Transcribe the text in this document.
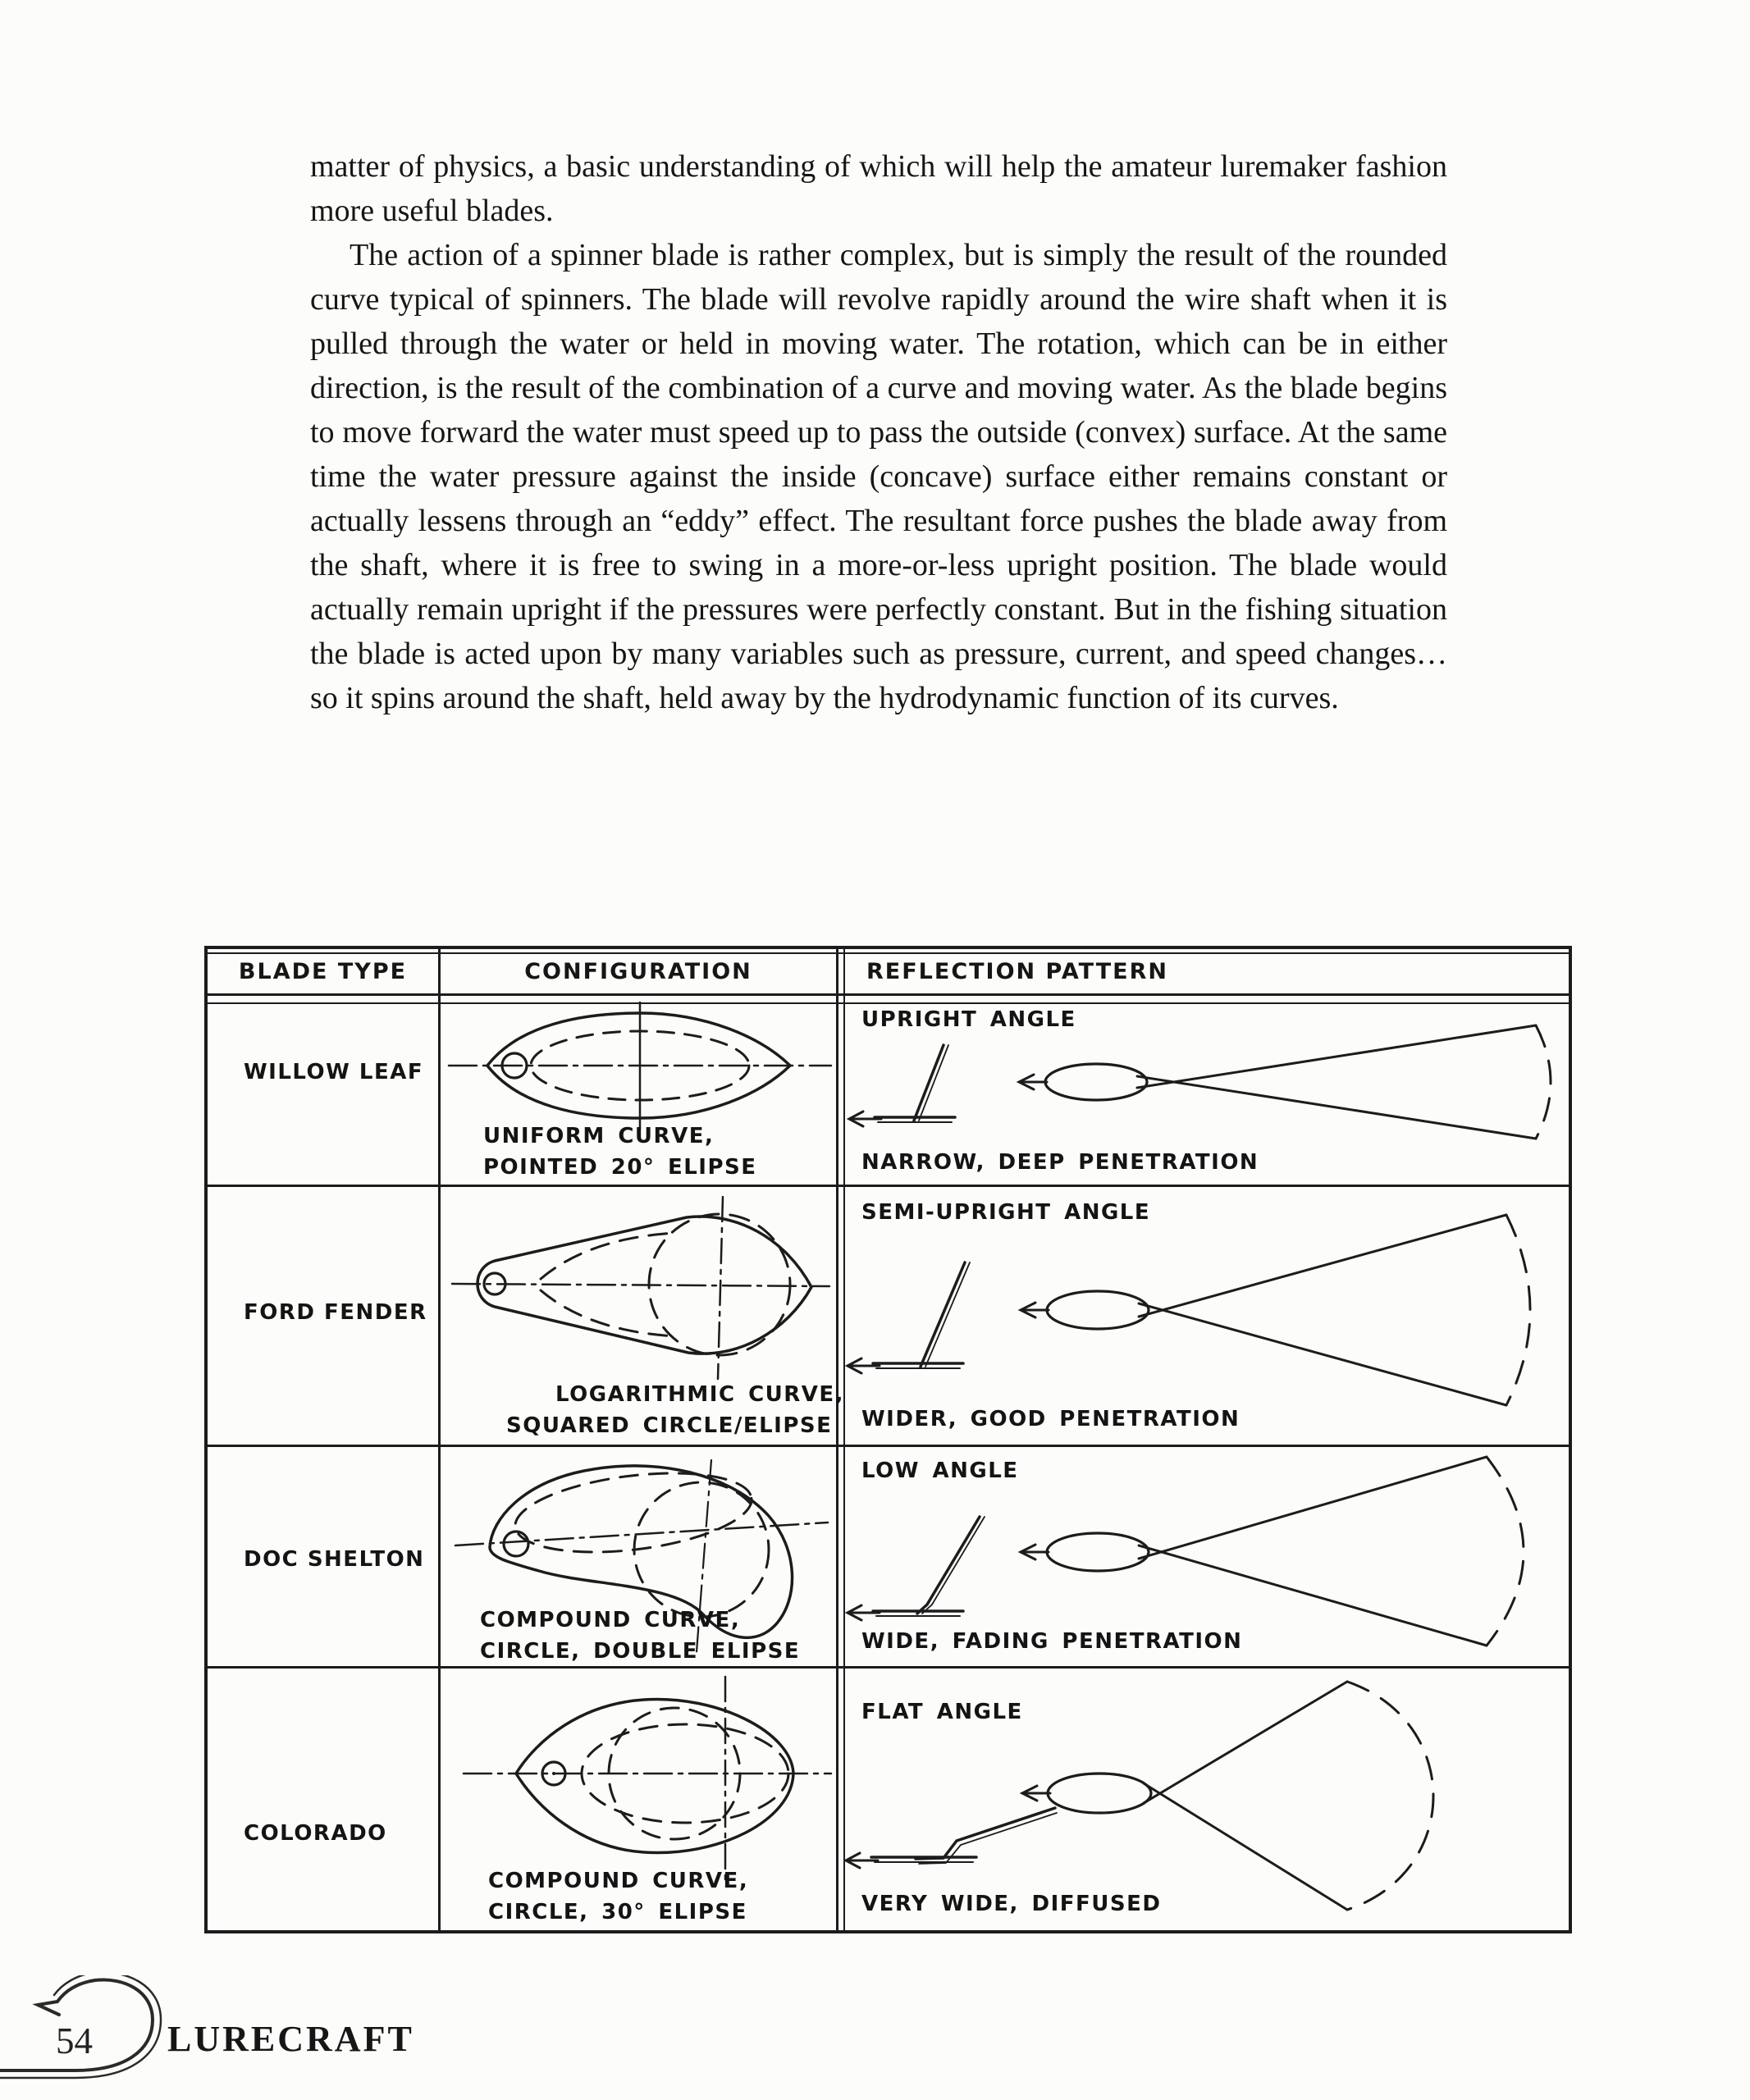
matter of physics, a basic understanding of which will help the amateur luremaker fashion more useful blades.

The action of a spinner blade is rather complex, but is simply the result of the rounded curve typical of spinners. The blade will revolve rapidly around the wire shaft when it is pulled through the water or held in moving water. The rotation, which can be in either direction, is the result of the combination of a curve and moving water. As the blade begins to move forward the water must speed up to pass the outside (convex) surface. At the same time the water pressure against the inside (concave) surface either remains constant or actually lessens through an “eddy” effect. The resultant force pushes the blade away from the shaft, where it is free to swing in a more-or-less upright position. The blade would actually remain upright if the pressures were perfectly constant. But in the fishing situation the blade is acted upon by many variables such as pressure, current, and speed changes…so it spins around the shaft, held away by the hydrodynamic function of its curves.

BLADE TYPE	CONFIGURATION	REFLECTION PATTERN
WILLOW LEAF
UNIFORM CURVE,
POINTED 20° ELIPSE
UPRIGHT ANGLE
NARROW, DEEP PENETRATION
FORD FENDER
LOGARITHMIC CURVE,
SQUARED CIRCLE/ELIPSE
SEMI-UPRIGHT ANGLE
WIDER, GOOD PENETRATION
DOC SHELTON
COMPOUND CURVE,
CIRCLE, DOUBLE ELIPSE
LOW ANGLE
WIDE, FADING PENETRATION
COLORADO
COMPOUND CURVE,
CIRCLE, 30° ELIPSE
FLAT ANGLE
VERY WIDE, DIFFUSED
54 LURECRAFT
